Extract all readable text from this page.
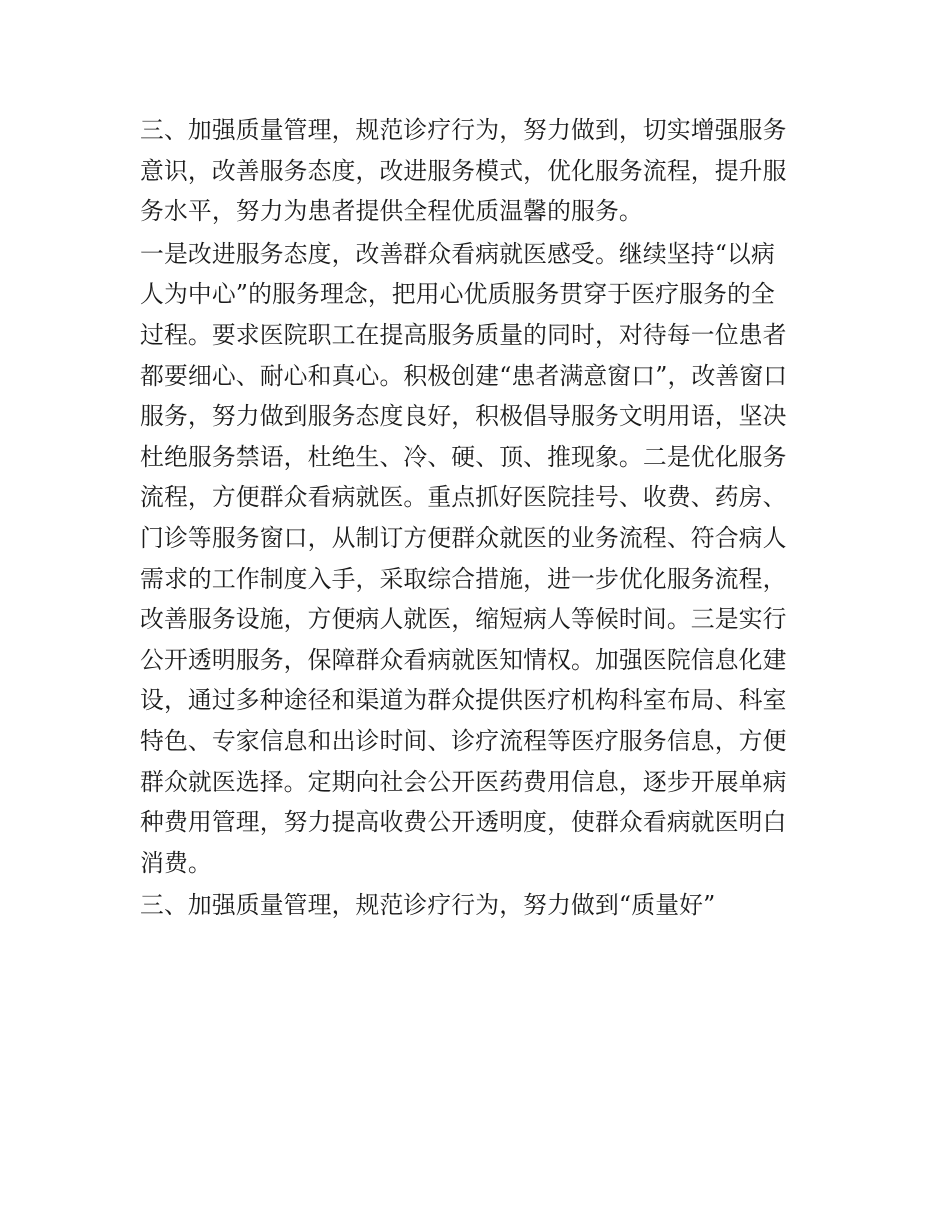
三、加强质量管理，规范诊疗行为，努力做到，切实增强服务
意识，改善服务态度，改进服务模式，优化服务流程，提升服
务水平，努力为患者提供全程优质温馨的服务。
一是改进服务态度，改善群众看病就医感受。继续坚持“以病
人为中心”的服务理念，把用心优质服务贯穿于医疗服务的全
过程。要求医院职工在提高服务质量的同时，对待每一位患者
都要细心、耐心和真心。积极创建“患者满意窗口”，改善窗口
服务，努力做到服务态度良好，积极倡导服务文明用语，坚决
杜绝服务禁语，杜绝生、冷、硬、顶、推现象。二是优化服务
流程，方便群众看病就医。重点抓好医院挂号、收费、药房、
门诊等服务窗口，从制订方便群众就医的业务流程、符合病人
需求的工作制度入手，采取综合措施，进一步优化服务流程，
改善服务设施，方便病人就医，缩短病人等候时间。三是实行
公开透明服务，保障群众看病就医知情权。加强医院信息化建
设，通过多种途径和渠道为群众提供医疗机构科室布局、科室
特色、专家信息和出诊时间、诊疗流程等医疗服务信息，方便
群众就医选择。定期向社会公开医药费用信息，逐步开展单病
种费用管理，努力提高收费公开透明度，使群众看病就医明白
消费。
三、加强质量管理，规范诊疗行为，努力做到“质量好”
